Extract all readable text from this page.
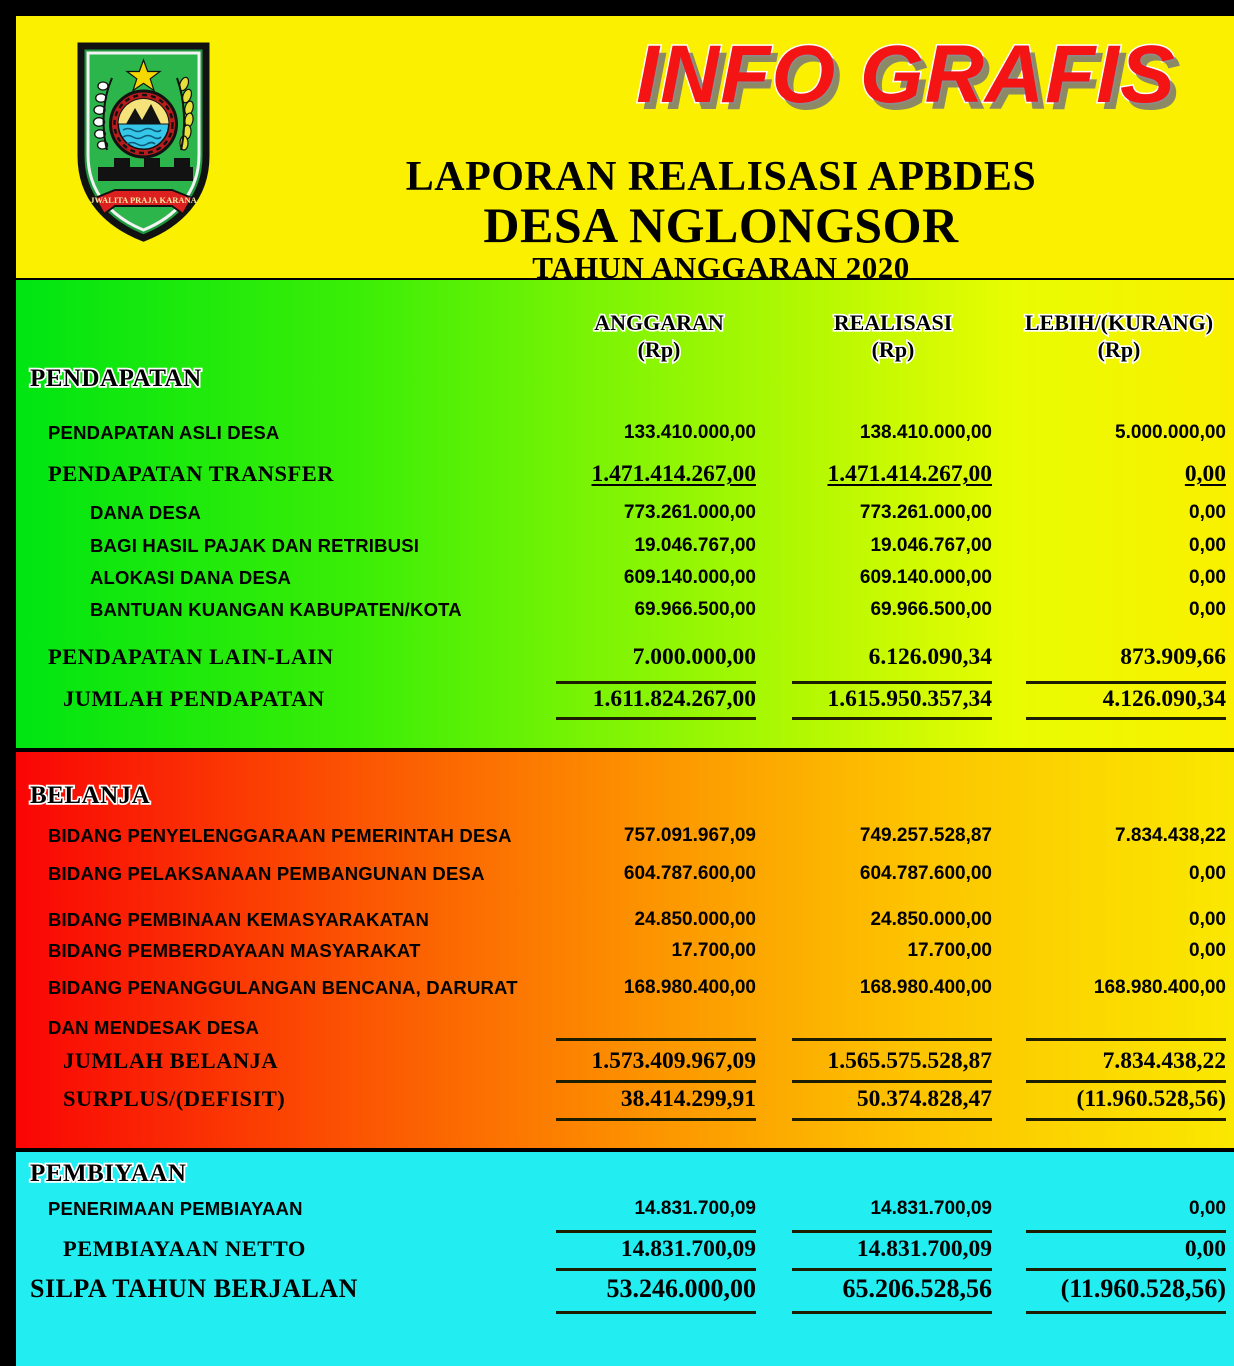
JWALITA PRAJA KARANA
INFO GRAFIS
LAPORAN REALISASI APBDES
DESA NGLONGSOR
TAHUN ANGGARAN 2020
ANGGARAN
(Rp)
REALISASI
(Rp)
LEBIH/(KURANG)
(Rp)
PENDAPATAN
PENDAPATAN ASLI DESA	133.410.000,00	138.410.000,00	5.000.000,00
PENDAPATAN TRANSFER	1.471.414.267,00	1.471.414.267,00	0,00
DANA DESA	773.261.000,00	773.261.000,00	0,00
BAGI HASIL PAJAK DAN RETRIBUSI	19.046.767,00	19.046.767,00	0,00
ALOKASI DANA DESA	609.140.000,00	609.140.000,00	0,00
BANTUAN KUANGAN KABUPATEN/KOTA	69.966.500,00	69.966.500,00	0,00
PENDAPATAN LAIN-LAIN	7.000.000,00	6.126.090,34	873.909,66
JUMLAH PENDAPATAN	1.611.824.267,00	1.615.950.357,34	4.126.090,34
BELANJA
BIDANG PENYELENGGARAAN PEMERINTAH DESA	757.091.967,09	749.257.528,87	7.834.438,22
BIDANG PELAKSANAAN PEMBANGUNAN DESA	604.787.600,00	604.787.600,00	0,00
BIDANG PEMBINAAN KEMASYARAKATAN	24.850.000,00	24.850.000,00	0,00
BIDANG PEMBERDAYAAN MASYARAKAT	17.700,00	17.700,00	0,00
BIDANG PENANGGULANGAN BENCANA, DARURAT	168.980.400,00	168.980.400,00	168.980.400,00
DAN MENDESAK DESA
JUMLAH BELANJA	1.573.409.967,09	1.565.575.528,87	7.834.438,22
SURPLUS/(DEFISIT)	38.414.299,91	50.374.828,47	(11.960.528,56)
PEMBIYAAN
PENERIMAAN PEMBIAYAAN	14.831.700,09	14.831.700,09	0,00
PEMBIAYAAN NETTO	14.831.700,09	14.831.700,09	0,00
SILPA TAHUN BERJALAN	53.246.000,00	65.206.528,56	(11.960.528,56)
